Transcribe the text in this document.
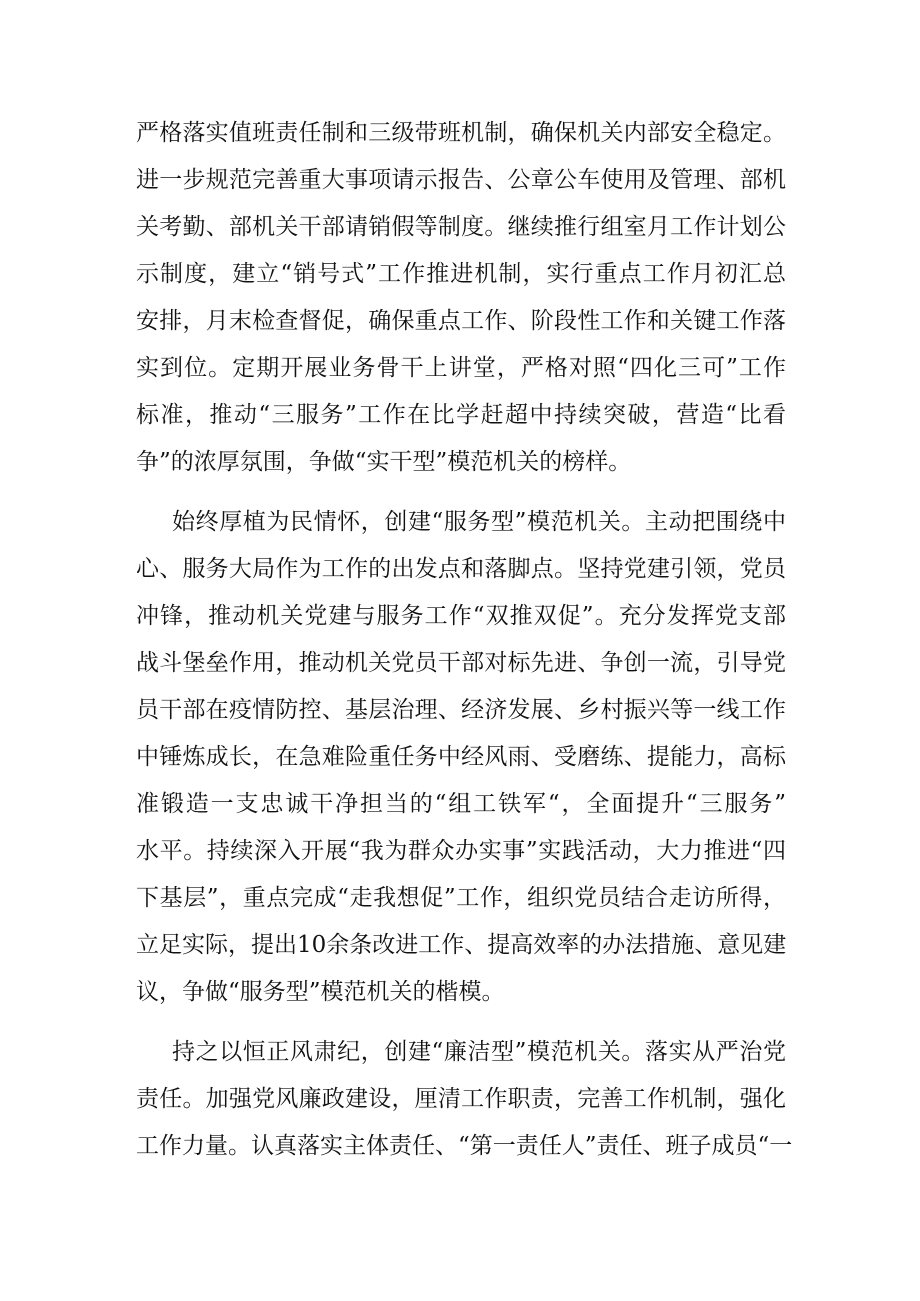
严格落实值班责任制和三级带班机制，确保机关内部安全稳定。
进一步规范完善重大事项请示报告、公章公车使用及管理、部机
关考勤、部机关干部请销假等制度。继续推行组室月工作计划公
示制度，建立“销号式”工作推进机制，实行重点工作月初汇总
安排，月末检查督促，确保重点工作、阶段性工作和关键工作落
实到位。定期开展业务骨干上讲堂，严格对照“四化三可”工作
标准，推动“三服务”工作在比学赶超中持续突破，营造“比看
争”的浓厚氛围，争做“实干型”模范机关的榜样。
始终厚植为民情怀，创建“服务型”模范机关。主动把围绕中
心、服务大局作为工作的出发点和落脚点。坚持党建引领，党员
冲锋，推动机关党建与服务工作“双推双促”。充分发挥党支部
战斗堡垒作用，推动机关党员干部对标先进、争创一流，引导党
员干部在疫情防控、基层治理、经济发展、乡村振兴等一线工作
中锤炼成长，在急难险重任务中经风雨、受磨练、提能力，高标
准锻造一支忠诚干净担当的“组工铁军“，全面提升“三服务”
水平。持续深入开展“我为群众办实事”实践活动，大力推进“四
下基层”，重点完成“走我想促”工作，组织党员结合走访所得，
立足实际，提出10余条改进工作、提高效率的办法措施、意见建
议，争做“服务型”模范机关的楷模。
持之以恒正风肃纪，创建“廉洁型”模范机关。落实从严治党
责任。加强党风廉政建设，厘清工作职责，完善工作机制，强化
工作力量。认真落实主体责任、“第一责任人”责任、班子成员“一
